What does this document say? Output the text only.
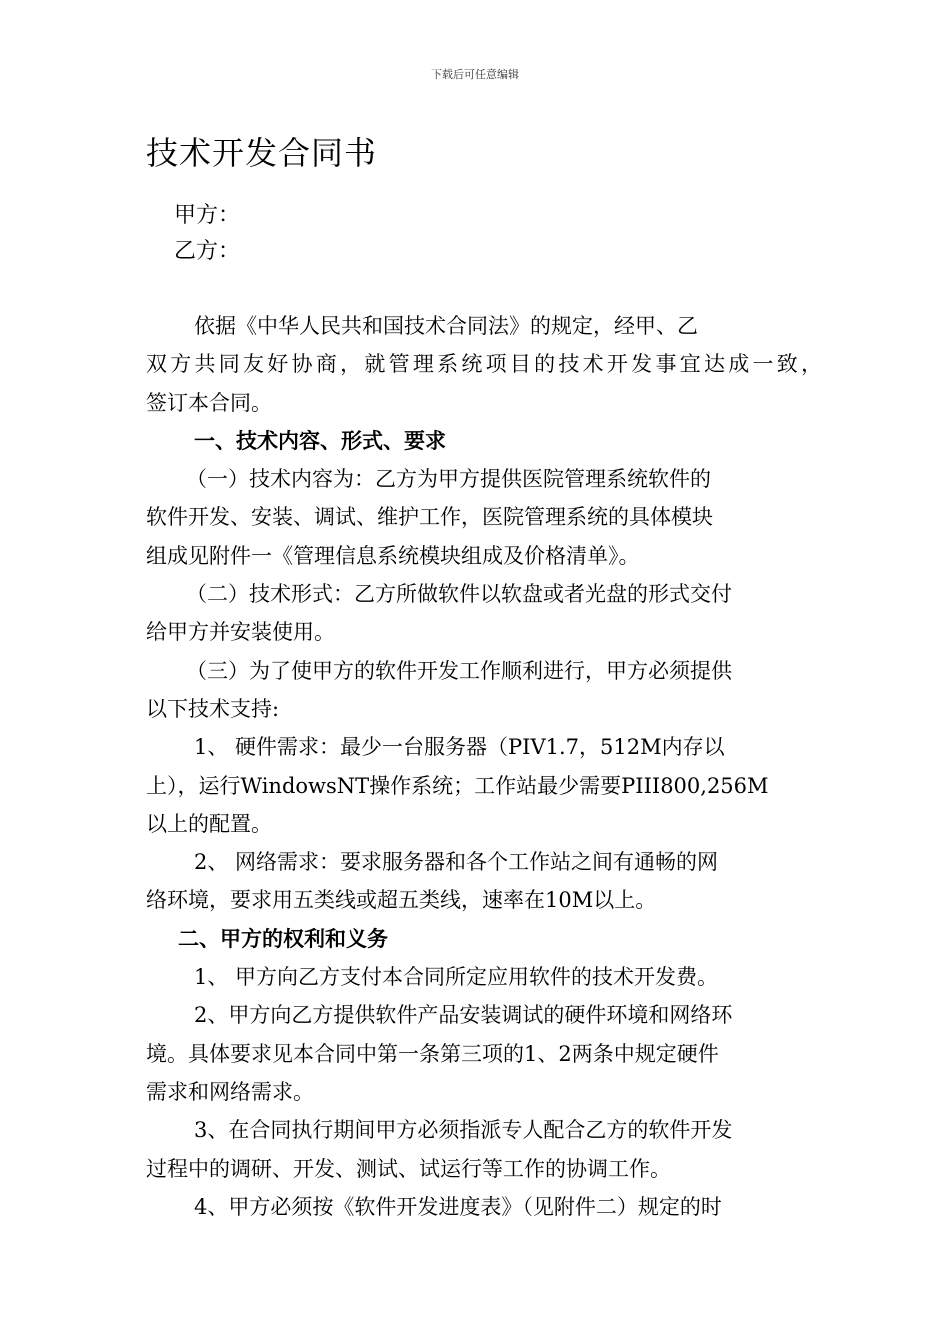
下载后可任意编辑
技术开发合同书
甲方：
乙方：
依据《中华人民共和国技术合同法》的规定，经甲、乙
双方共同友好协商，就管理系统项目的技术开发事宜达成一致，
签订本合同。
一、技术内容、形式、要求
（一）技术内容为：乙方为甲方提供医院管理系统软件的
软件开发、安装、调试、维护工作，医院管理系统的具体模块
组成见附件一《管理信息系统模块组成及价格清单》。
（二）技术形式：乙方所做软件以软盘或者光盘的形式交付
给甲方并安装使用。
（三）为了使甲方的软件开发工作顺利进行，甲方必须提供
以下技术支持:
1、 硬件需求：最少一台服务器（PIV1.7，512M内存以
上），运行WindowsNT操作系统；工作站最少需要PIII800,256M
以上的配置。
2、 网络需求：要求服务器和各个工作站之间有通畅的网
络环境，要求用五类线或超五类线，速率在10M以上。
二、甲方的权利和义务
1、 甲方向乙方支付本合同所定应用软件的技术开发费。
2、甲方向乙方提供软件产品安装调试的硬件环境和网络环
境。具体要求见本合同中第一条第三项的1、2两条中规定硬件
需求和网络需求。
3、在合同执行期间甲方必须指派专人配合乙方的软件开发
过程中的调研、开发、测试、试运行等工作的协调工作。
4、甲方必须按《软件开发进度表》（见附件二）规定的时
